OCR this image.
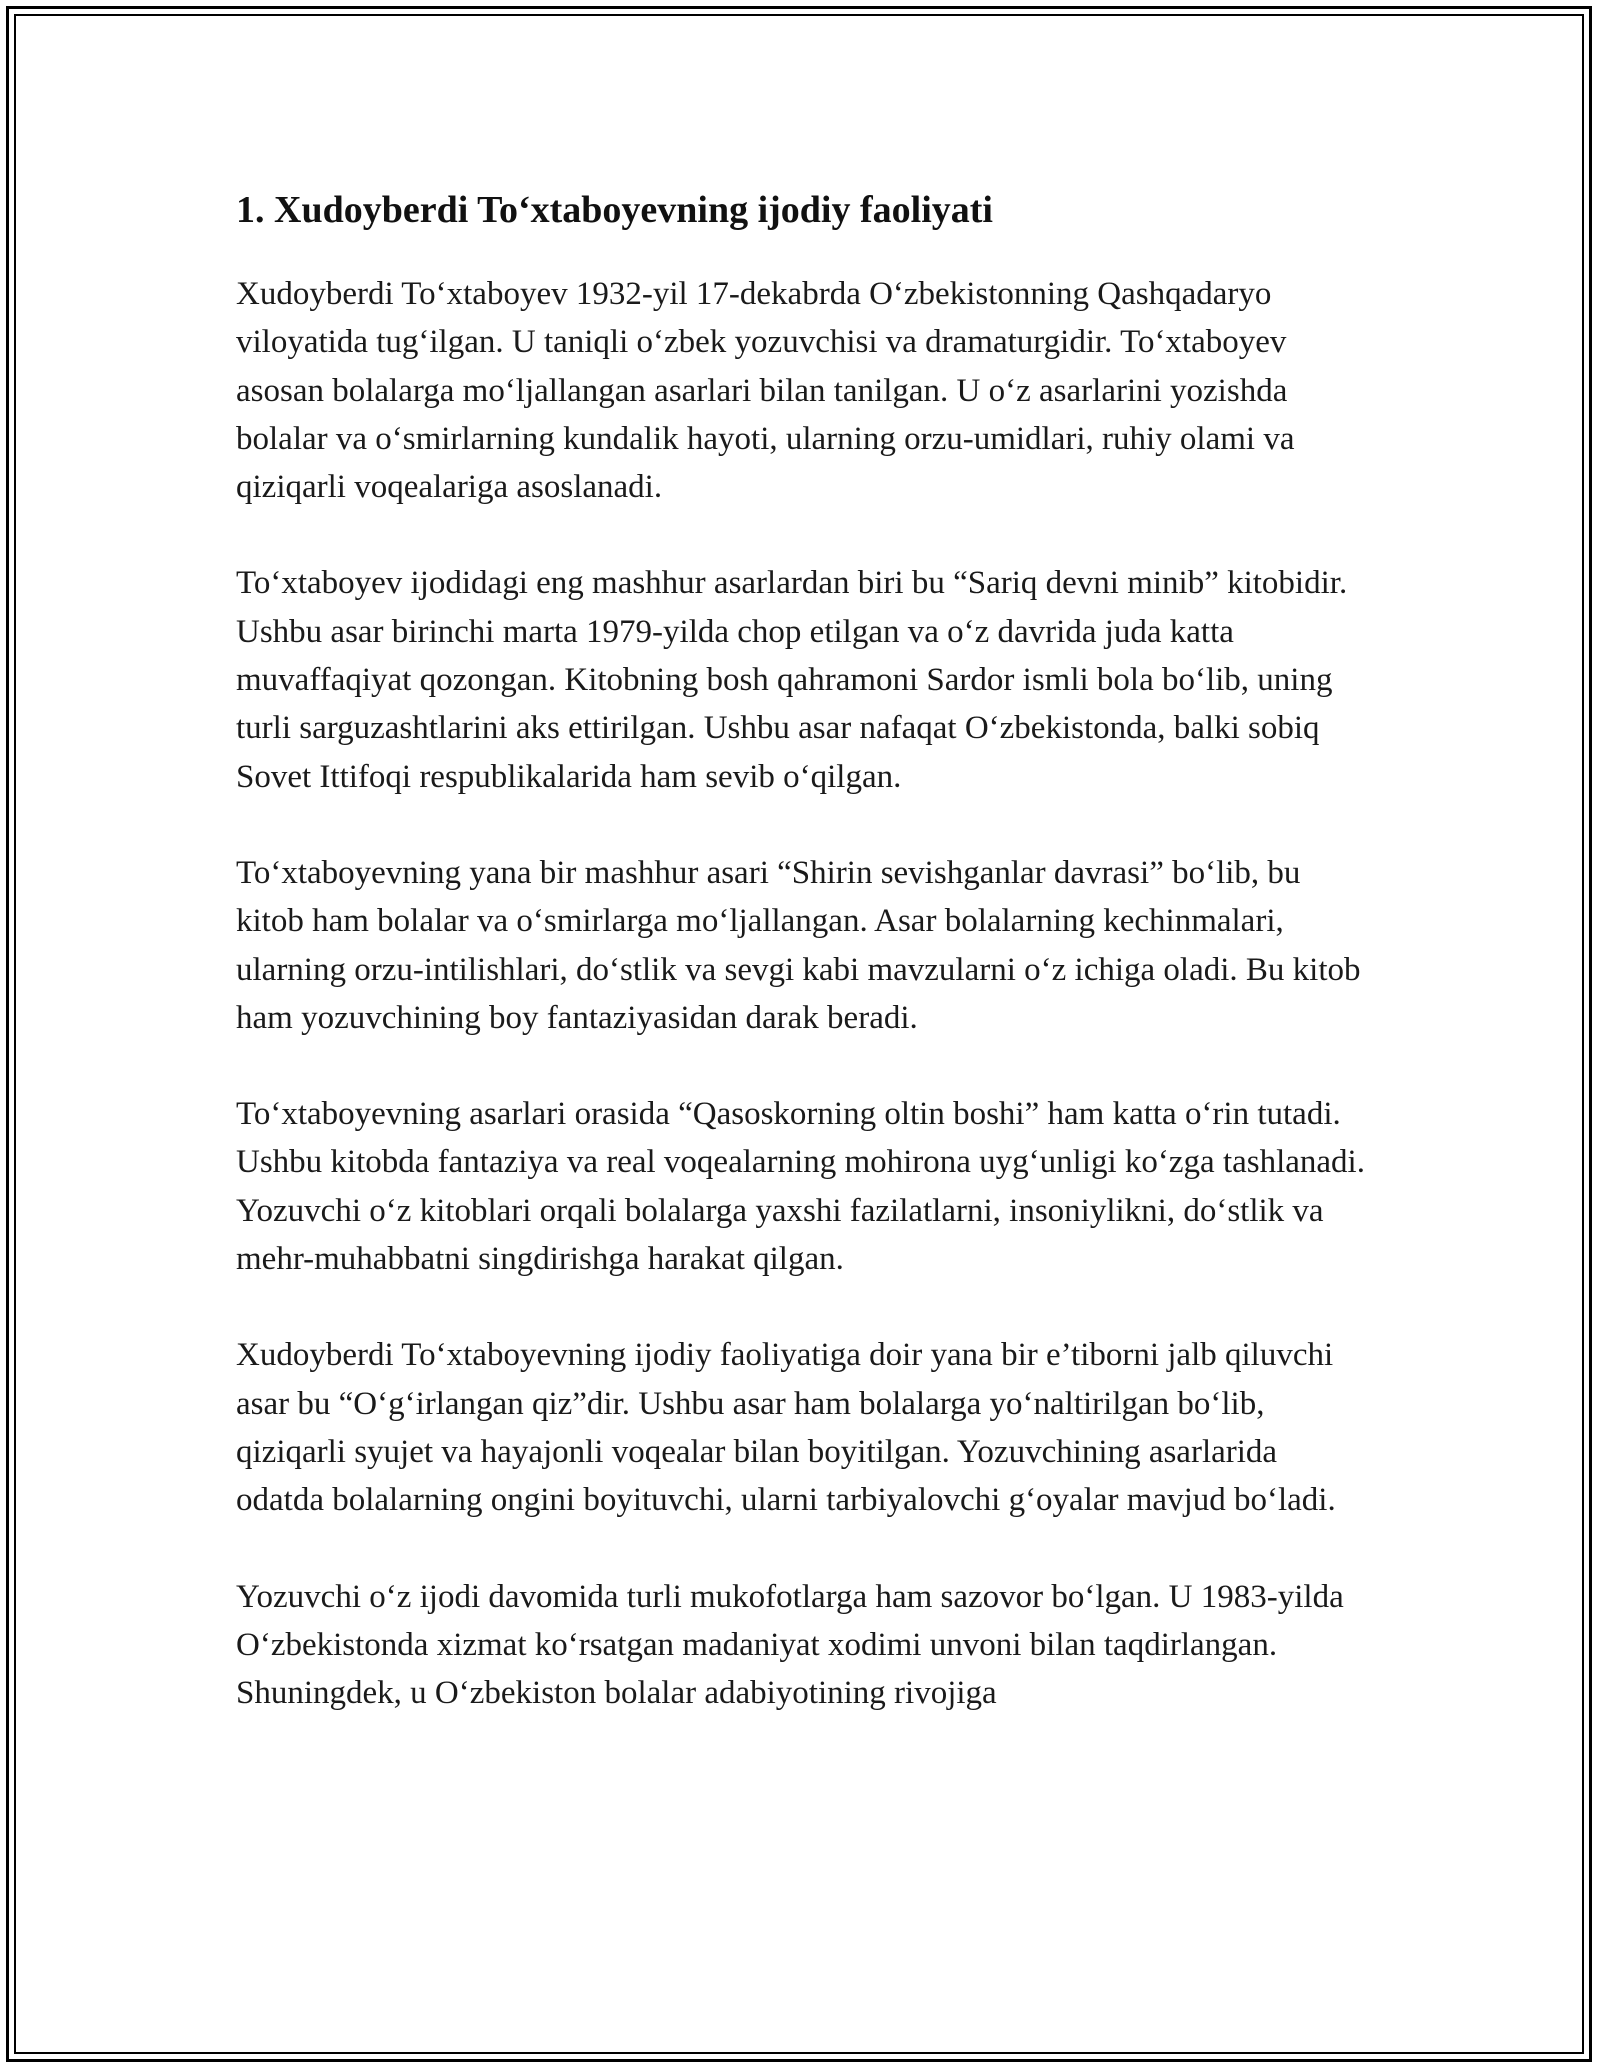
1. Xudoyberdi To‘xtaboyevning ijodiy faoliyati

Xudoyberdi To‘xtaboyev 1932-yil 17-dekabrda O‘zbekistonning Qashqadaryo viloyatida tug‘ilgan. U taniqli o‘zbek yozuvchisi va dramaturgidir. To‘xtaboyev asosan bolalarga mo‘ljallangan asarlari bilan tanilgan. U o‘z asarlarini yozishda bolalar va o‘smirlarning kundalik hayoti, ularning orzu-umidlari, ruhiy olami va qiziqarli voqealariga asoslanadi.

To‘xtaboyev ijodidagi eng mashhur asarlardan biri bu “Sariq devni minib” kitobidir. Ushbu asar birinchi marta 1979-yilda chop etilgan va o‘z davrida juda katta muvaffaqiyat qozongan. Kitobning bosh qahramoni Sardor ismli bola bo‘lib, uning turli sarguzashtlarini aks ettirilgan. Ushbu asar nafaqat O‘zbekistonda, balki sobiq Sovet Ittifoqi respublikalarida ham sevib o‘qilgan.

To‘xtaboyevning yana bir mashhur asari “Shirin sevishganlar davrasi” bo‘lib, bu kitob ham bolalar va o‘smirlarga mo‘ljallangan. Asar bolalarning kechinmalari, ularning orzu-intilishlari, do‘stlik va sevgi kabi mavzularni o‘z ichiga oladi. Bu kitob ham yozuvchining boy fantaziyasidan darak beradi.

To‘xtaboyevning asarlari orasida “Qasoskorning oltin boshi” ham katta o‘rin tutadi. Ushbu kitobda fantaziya va real voqealarning mohirona uyg‘unligi ko‘zga tashlanadi. Yozuvchi o‘z kitoblari orqali bolalarga yaxshi fazilatlarni, insoniylikni, do‘stlik va mehr-muhabbatni singdirishga harakat qilgan.

Xudoyberdi To‘xtaboyevning ijodiy faoliyatiga doir yana bir e’tiborni jalb qiluvchi asar bu “O‘g‘irlangan qiz”dir. Ushbu asar ham bolalarga yo‘naltirilgan bo‘lib, qiziqarli syujet va hayajonli voqealar bilan boyitilgan. Yozuvchining asarlarida odatda bolalarning ongini boyituvchi, ularni tarbiyalovchi g‘oyalar mavjud bo‘ladi.

Yozuvchi o‘z ijodi davomida turli mukofotlarga ham sazovor bo‘lgan. U 1983-yilda O‘zbekistonda xizmat ko‘rsatgan madaniyat xodimi unvoni bilan taqdirlangan. Shuningdek, u O‘zbekiston bolalar adabiyotining rivojiga
